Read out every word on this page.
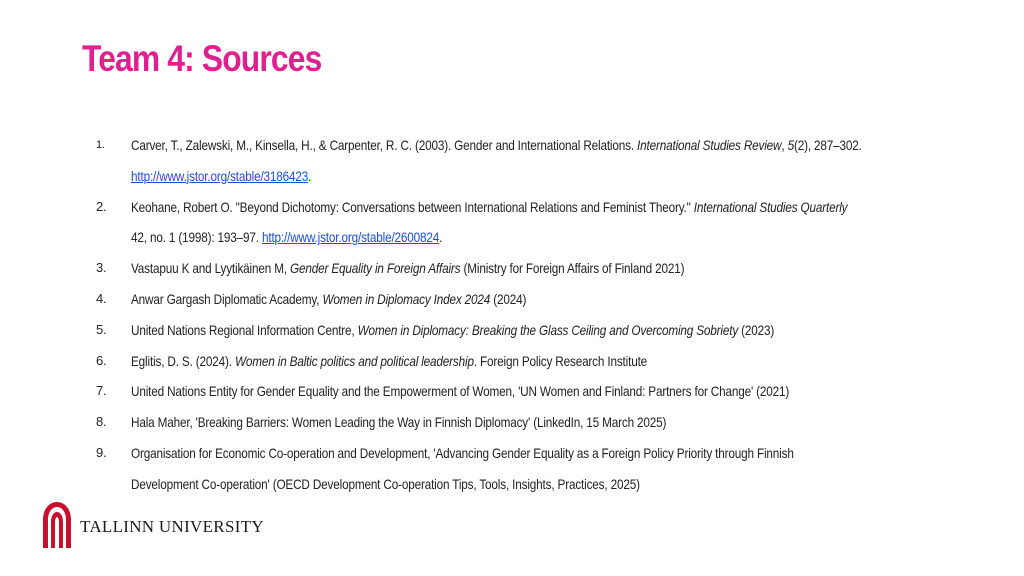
Team 4: Sources
1.	Carver, T., Zalewski, M., Kinsella, H., & Carpenter, R. C. (2003). Gender and International Relations. International Studies Review, 5(2), 287–302.
http://www.jstor.org/stable/3186423.
2.	Keohane, Robert O. "Beyond Dichotomy: Conversations between International Relations and Feminist Theory." International Studies Quarterly
42, no. 1 (1998): 193–97. http://www.jstor.org/stable/2600824.
3.	Vastapuu K and Lyytikäinen M, Gender Equality in Foreign Affairs (Ministry for Foreign Affairs of Finland 2021)
4.	Anwar Gargash Diplomatic Academy, Women in Diplomacy Index 2024 (2024)
5.	United Nations Regional Information Centre, Women in Diplomacy: Breaking the Glass Ceiling and Overcoming Sobriety (2023)
6.	Eglitis, D. S. (2024). Women in Baltic politics and political leadership. Foreign Policy Research Institute
7.	United Nations Entity for Gender Equality and the Empowerment of Women, 'UN Women and Finland: Partners for Change' (2021)
8.	Hala Maher, 'Breaking Barriers: Women Leading the Way in Finnish Diplomacy' (LinkedIn, 15 March 2025)
9.	Organisation for Economic Co-operation and Development, 'Advancing Gender Equality as a Foreign Policy Priority through Finnish
Development Co-operation' (OECD Development Co-operation Tips, Tools, Insights, Practices, 2025)
TALLINN UNIVERSITY
